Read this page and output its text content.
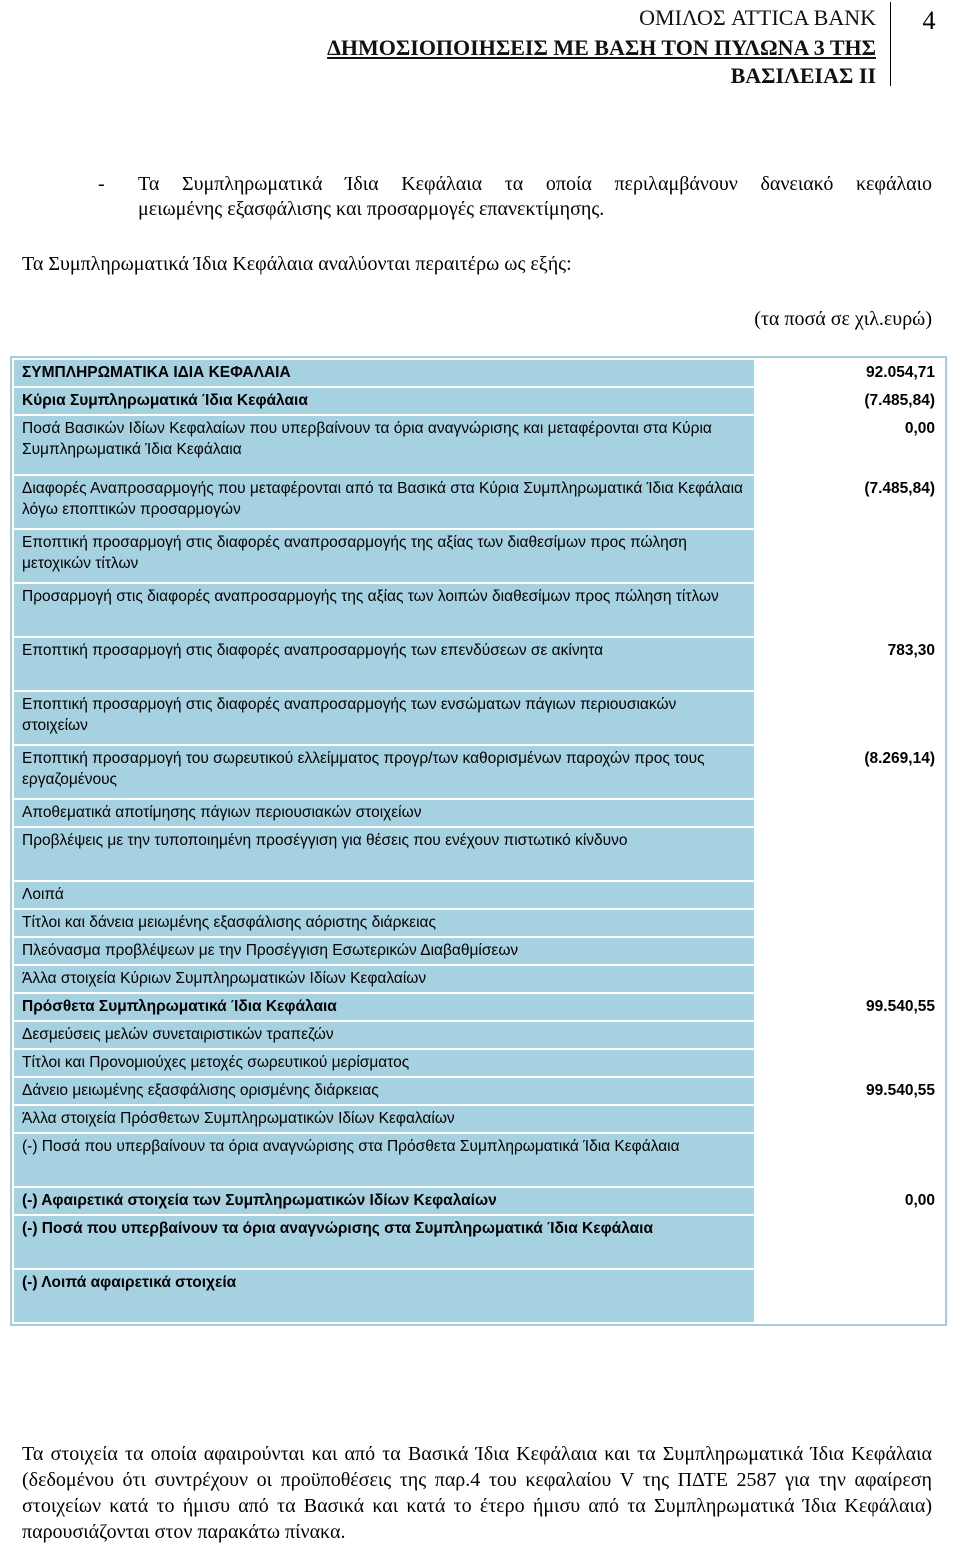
ΟΜΙΛΟΣ ATTICA BANK
ΔΗΜΟΣΙΟΠΟΙΗΣΕΙΣ ΜΕ ΒΑΣΗ ΤΟΝ ΠΥΛΩΝΑ 3 ΤΗΣ
ΒΑΣΙΛΕΙΑΣ ΙΙ
4
- Τα Συμπληρωματικά Ίδια Κεφάλαια τα οποία περιλαμβάνουν δανειακό κεφάλαιο
μειωμένης εξασφάλισης και προσαρμογές επανεκτίμησης.
Τα Συμπληρωματικά Ίδια Κεφάλαια αναλύονται περαιτέρω ως εξής:
(τα ποσά σε χιλ.ευρώ)
ΣΥΜΠΛΗΡΩΜΑΤΙΚΑ ΙΔΙΑ ΚΕΦΑΛΑΙΑ	92.054,71
Κύρια Συμπληρωματικά Ίδια Κεφάλαια	(7.485,84)
Ποσά Βασικών Ιδίων Κεφαλαίων που υπερβαίνουν τα όρια αναγνώρισης και μεταφέρονται στα Κύρια Συμπληρωματικά Ίδια Κεφάλαια	0,00
Διαφορές Αναπροσαρμογής που μεταφέρονται από τα Βασικά στα Κύρια Συμπληρωματικά Ίδια Κεφάλαια λόγω εποπτικών προσαρμογών	(7.485,84)
Εποπτική προσαρμογή στις διαφορές αναπροσαρμογής της αξίας των διαθεσίμων προς πώληση μετοχικών τίτλων	
Προσαρμογή στις διαφορές αναπροσαρμογής της αξίας των λοιπών διαθεσίμων προς πώληση τίτλων	
Εποπτική προσαρμογή στις διαφορές αναπροσαρμογής των επενδύσεων σε ακίνητα	783,30
Εποπτική προσαρμογή στις διαφορές αναπροσαρμογής των ενσώματων πάγιων περιουσιακών στοιχείων	
Εποπτική προσαρμογή του σωρευτικού ελλείμματος προγρ/των καθορισμένων παροχών προς τους εργαζομένους	(8.269,14)
Αποθεματικά αποτίμησης πάγιων περιουσιακών στοιχείων	
Προβλέψεις με την τυποποιημένη προσέγγιση για θέσεις που ενέχουν πιστωτικό κίνδυνο	
Λοιπά	
Τίτλοι και δάνεια μειωμένης εξασφάλισης αόριστης διάρκειας	
Πλεόνασμα προβλέψεων με την Προσέγγιση Εσωτερικών Διαβαθμίσεων	
Άλλα στοιχεία Κύριων Συμπληρωματικών Ιδίων Κεφαλαίων	
Πρόσθετα Συμπληρωματικά Ίδια Κεφάλαια	99.540,55
Δεσμεύσεις μελών συνεταιριστικών τραπεζών	
Τίτλοι και Προνομιούχες μετοχές σωρευτικού μερίσματος	
Δάνειο μειωμένης εξασφάλισης ορισμένης διάρκειας	99.540,55
Άλλα στοιχεία Πρόσθετων Συμπληρωματικών Ιδίων Κεφαλαίων	
(-) Ποσά που υπερβαίνουν τα όρια αναγνώρισης στα Πρόσθετα Συμπληρωματικά Ίδια Κεφάλαια	
(-) Αφαιρετικά στοιχεία των Συμπληρωματικών Ιδίων Κεφαλαίων	0,00
(-) Ποσά που υπερβαίνουν τα όρια αναγνώρισης στα Συμπληρωματικά Ίδια Κεφάλαια	
(-) Λοιπά αφαιρετικά στοιχεία	
Τα στοιχεία τα οποία αφαιρούνται και από τα Βασικά Ίδια Κεφάλαια και τα Συμπληρωματικά Ίδια Κεφάλαια (δεδομένου ότι συντρέχουν οι προϋποθέσεις της παρ.4 του κεφαλαίου V της ΠΔΤΕ 2587 για την αφαίρεση στοιχείων κατά το ήμισυ από τα Βασικά και κατά το έτερο ήμισυ από τα Συμπληρωματικά Ίδια Κεφάλαια) παρουσιάζονται στον παρακάτω πίνακα.
